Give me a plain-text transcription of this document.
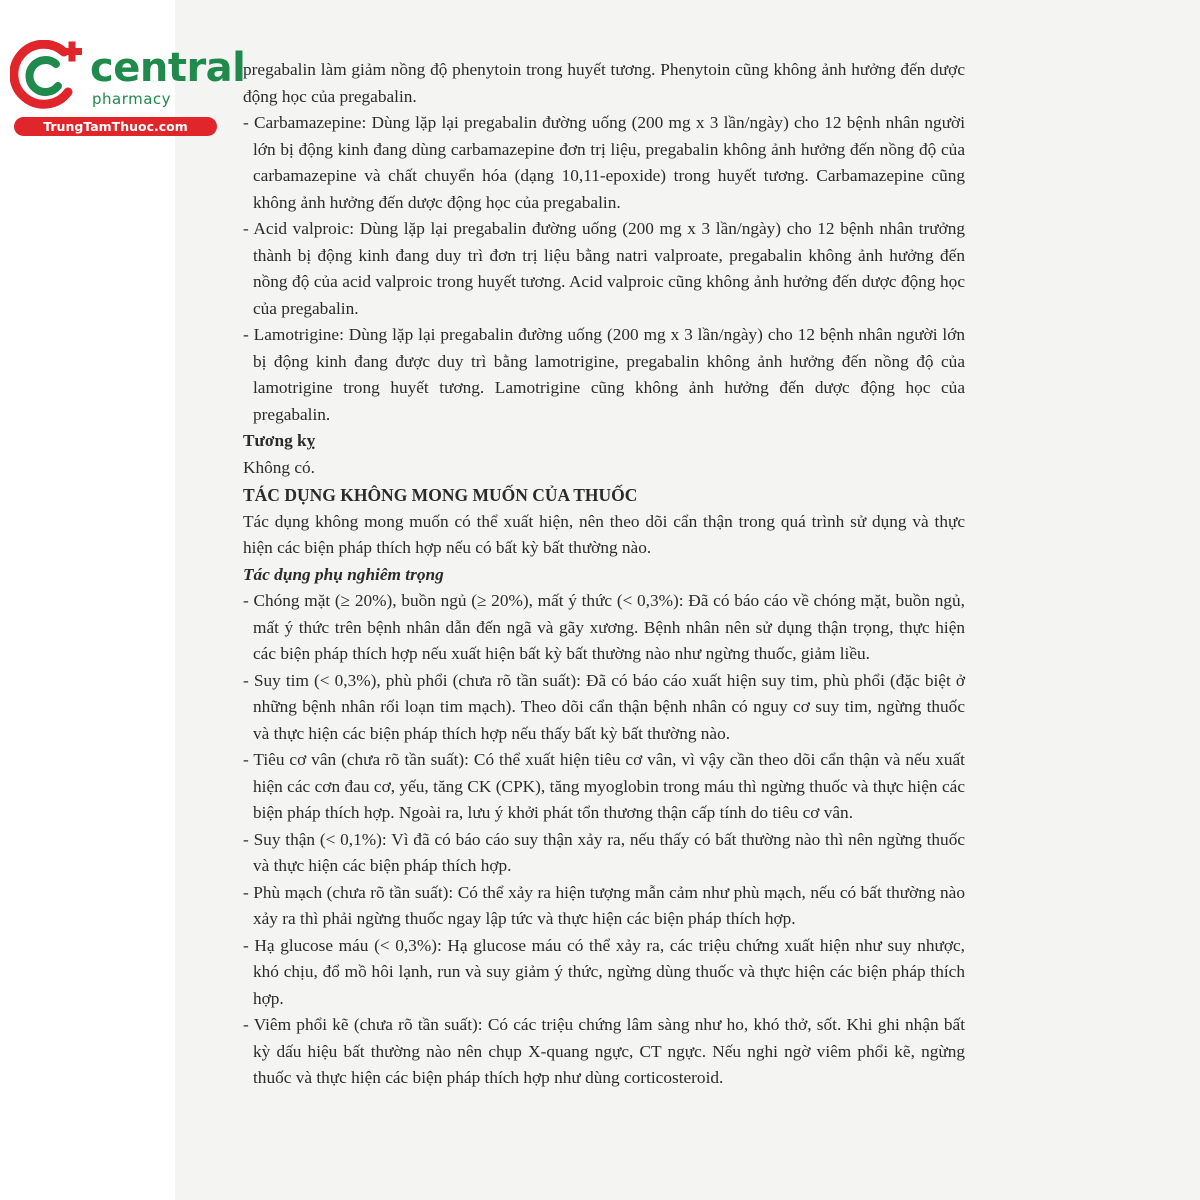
central
pharmacy
TrungTamThuoc.com

pregabalin làm giảm nồng độ phenytoin trong huyết tương. Phenytoin cũng không ảnh hưởng đến dược động học của pregabalin.

- Carbamazepine: Dùng lặp lại pregabalin đường uống (200 mg x 3 lần/ngày) cho 12 bệnh nhân người lớn bị động kinh đang dùng carbamazepine đơn trị liệu, pregabalin không ảnh hưởng đến nồng độ của carbamazepine và chất chuyển hóa (dạng 10,11-epoxide) trong huyết tương. Carbamazepine cũng không ảnh hưởng đến dược động học của pregabalin.
- Acid valproic: Dùng lặp lại pregabalin đường uống (200 mg x 3 lần/ngày) cho 12 bệnh nhân trưởng thành bị động kinh đang duy trì đơn trị liệu bằng natri valproate, pregabalin không ảnh hưởng đến nồng độ của acid valproic trong huyết tương. Acid valproic cũng không ảnh hưởng đến dược động học của pregabalin.
- Lamotrigine: Dùng lặp lại pregabalin đường uống (200 mg x 3 lần/ngày) cho 12 bệnh nhân người lớn bị động kinh đang được duy trì bằng lamotrigine, pregabalin không ảnh hưởng đến nồng độ của lamotrigine trong huyết tương. Lamotrigine cũng không ảnh hưởng đến dược động học của pregabalin.
Tương kỵ
Không có.
TÁC DỤNG KHÔNG MONG MUỐN CỦA THUỐC

Tác dụng không mong muốn có thể xuất hiện, nên theo dõi cẩn thận trong quá trình sử dụng và thực hiện các biện pháp thích hợp nếu có bất kỳ bất thường nào.

Tác dụng phụ nghiêm trọng
- Chóng mặt (≥ 20%), buồn ngủ (≥ 20%), mất ý thức (< 0,3%): Đã có báo cáo về chóng mặt, buồn ngủ, mất ý thức trên bệnh nhân dẫn đến ngã và gãy xương. Bệnh nhân nên sử dụng thận trọng, thực hiện các biện pháp thích hợp nếu xuất hiện bất kỳ bất thường nào như ngừng thuốc, giảm liều.
- Suy tim (< 0,3%), phù phổi (chưa rõ tần suất): Đã có báo cáo xuất hiện suy tim, phù phổi (đặc biệt ở những bệnh nhân rối loạn tim mạch). Theo dõi cẩn thận bệnh nhân có nguy cơ suy tim, ngừng thuốc và thực hiện các biện pháp thích hợp nếu thấy bất kỳ bất thường nào.
- Tiêu cơ vân (chưa rõ tần suất): Có thể xuất hiện tiêu cơ vân, vì vậy cần theo dõi cẩn thận và nếu xuất hiện các cơn đau cơ, yếu, tăng CK (CPK), tăng myoglobin trong máu thì ngừng thuốc và thực hiện các biện pháp thích hợp. Ngoài ra, lưu ý khởi phát tổn thương thận cấp tính do tiêu cơ vân.
- Suy thận (< 0,1%): Vì đã có báo cáo suy thận xảy ra, nếu thấy có bất thường nào thì nên ngừng thuốc và thực hiện các biện pháp thích hợp.
- Phù mạch (chưa rõ tần suất): Có thể xảy ra hiện tượng mẫn cảm như phù mạch, nếu có bất thường nào xảy ra thì phải ngừng thuốc ngay lập tức và thực hiện các biện pháp thích hợp.
- Hạ glucose máu (< 0,3%): Hạ glucose máu có thể xảy ra, các triệu chứng xuất hiện như suy nhược, khó chịu, đổ mồ hôi lạnh, run và suy giảm ý thức, ngừng dùng thuốc và thực hiện các biện pháp thích hợp.
- Viêm phổi kẽ (chưa rõ tần suất): Có các triệu chứng lâm sàng như ho, khó thở, sốt. Khi ghi nhận bất kỳ dấu hiệu bất thường nào nên chụp X-quang ngực, CT ngực. Nếu nghi ngờ viêm phổi kẽ, ngừng thuốc và thực hiện các biện pháp thích hợp như dùng corticosteroid.
